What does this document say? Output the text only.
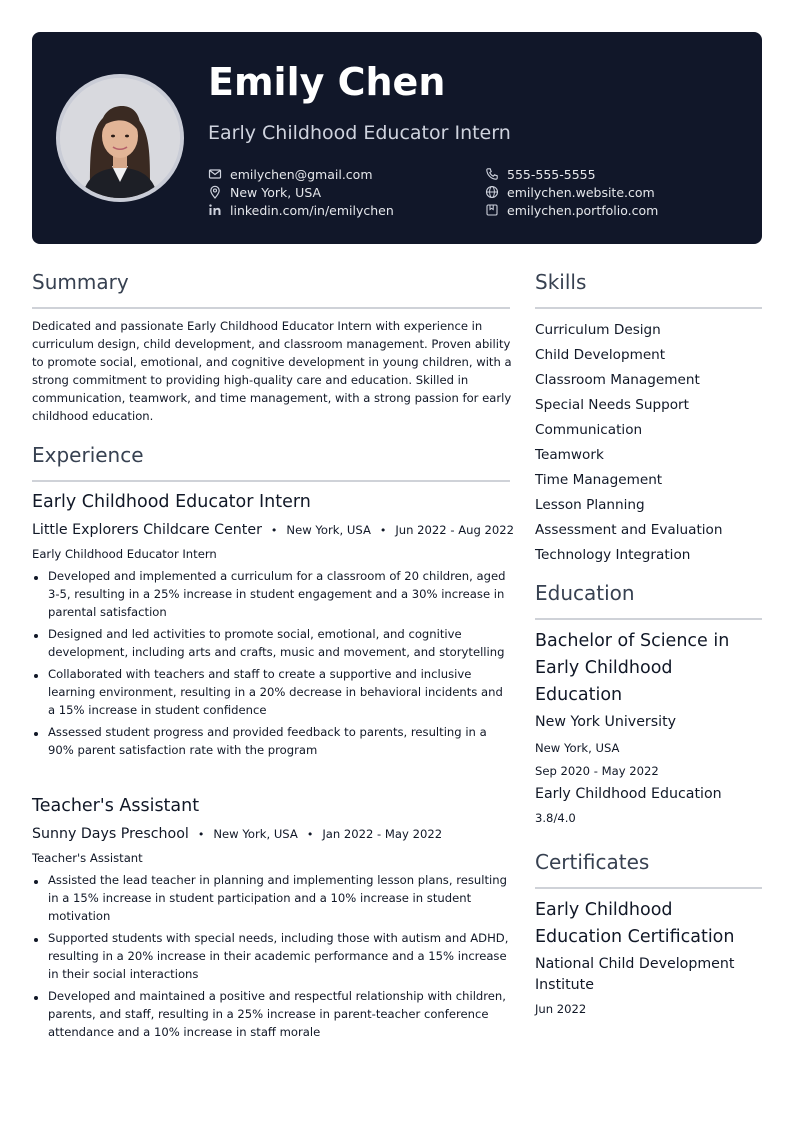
Emily Chen
Early Childhood Educator Intern
emilychen@gmail.com
New York, USA
linkedin.com/in/emilychen
555-555-5555
emilychen.website.com
emilychen.portfolio.com
Summary
Dedicated and passionate Early Childhood Educator Intern with experience in curriculum design, child development, and classroom management. Proven ability to promote social, emotional, and cognitive development in young children, with a strong commitment to providing high-quality care and education. Skilled in communication, teamwork, and time management, with a strong passion for early childhood education.
Experience
Early Childhood Educator Intern
Little Explorers Childcare Center • New York, USA • Jun 2022 - Aug 2022
Early Childhood Educator Intern
Developed and implemented a curriculum for a classroom of 20 children, aged 3-5, resulting in a 25% increase in student engagement and a 30% increase in parental satisfaction
Designed and led activities to promote social, emotional, and cognitive development, including arts and crafts, music and movement, and storytelling
Collaborated with teachers and staff to create a supportive and inclusive learning environment, resulting in a 20% decrease in behavioral incidents and a 15% increase in student confidence
Assessed student progress and provided feedback to parents, resulting in a 90% parent satisfaction rate with the program
Teacher's Assistant
Sunny Days Preschool • New York, USA • Jan 2022 - May 2022
Teacher's Assistant
Assisted the lead teacher in planning and implementing lesson plans, resulting in a 15% increase in student participation and a 10% increase in student motivation
Supported students with special needs, including those with autism and ADHD, resulting in a 20% increase in their academic performance and a 15% increase in their social interactions
Developed and maintained a positive and respectful relationship with children, parents, and staff, resulting in a 25% increase in parent-teacher conference attendance and a 10% increase in staff morale
Skills
Curriculum Design
Child Development
Classroom Management
Special Needs Support
Communication
Teamwork
Time Management
Lesson Planning
Assessment and Evaluation
Technology Integration
Education
Bachelor of Science in Early Childhood Education
New York University
New York, USA
Sep 2020 - May 2022
Early Childhood Education
3.8/4.0
Certificates
Early Childhood Education Certification
National Child Development Institute
Jun 2022
